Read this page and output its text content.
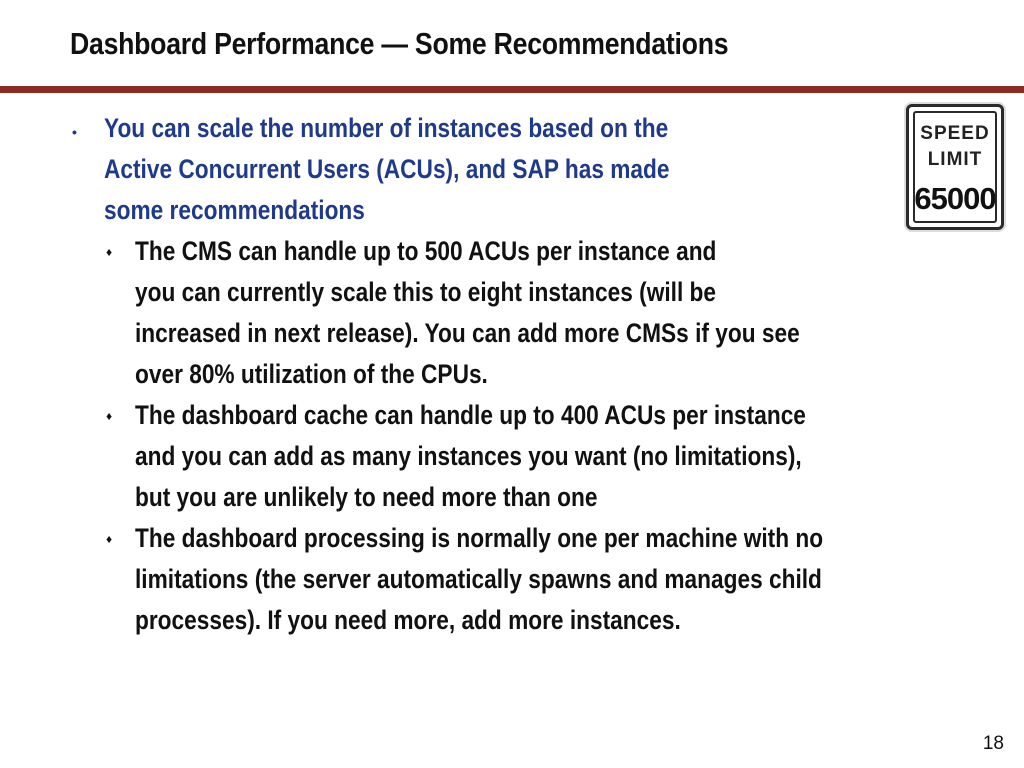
Dashboard Performance — Some Recommendations
• You can scale the number of instances based on the
Active Concurrent Users (ACUs), and SAP has made
some recommendations
♦ The CMS can handle up to 500 ACUs per instance and
you can currently scale this to eight instances (will be
increased in next release). You can add more CMSs if you see
over 80% utilization of the CPUs.
♦ The dashboard cache can handle up to 400 ACUs per instance
and you can add as many instances you want (no limitations),
but you are unlikely to need more than one
♦ The dashboard processing is normally one per machine with no
limitations (the server automatically spawns and manages child
processes). If you need more, add more instances.
SPEED
LIMIT
65000
18
